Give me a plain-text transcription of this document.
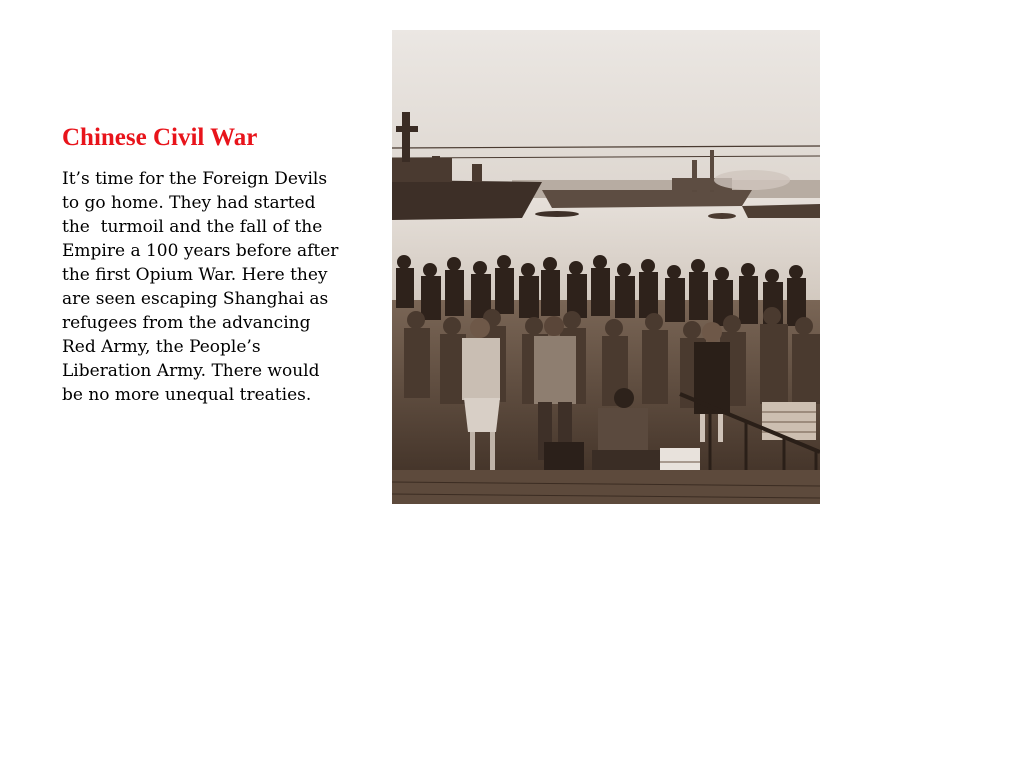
Chinese Civil War
It’s time for the Foreign Devils
to go home. They had started
the  turmoil and the fall of the
Empire a 100 years before after
the first Opium War. Here they
are seen escaping Shanghai as
refugees from the advancing
Red Army, the People’s
Liberation Army. There would
be no more unequal treaties.
